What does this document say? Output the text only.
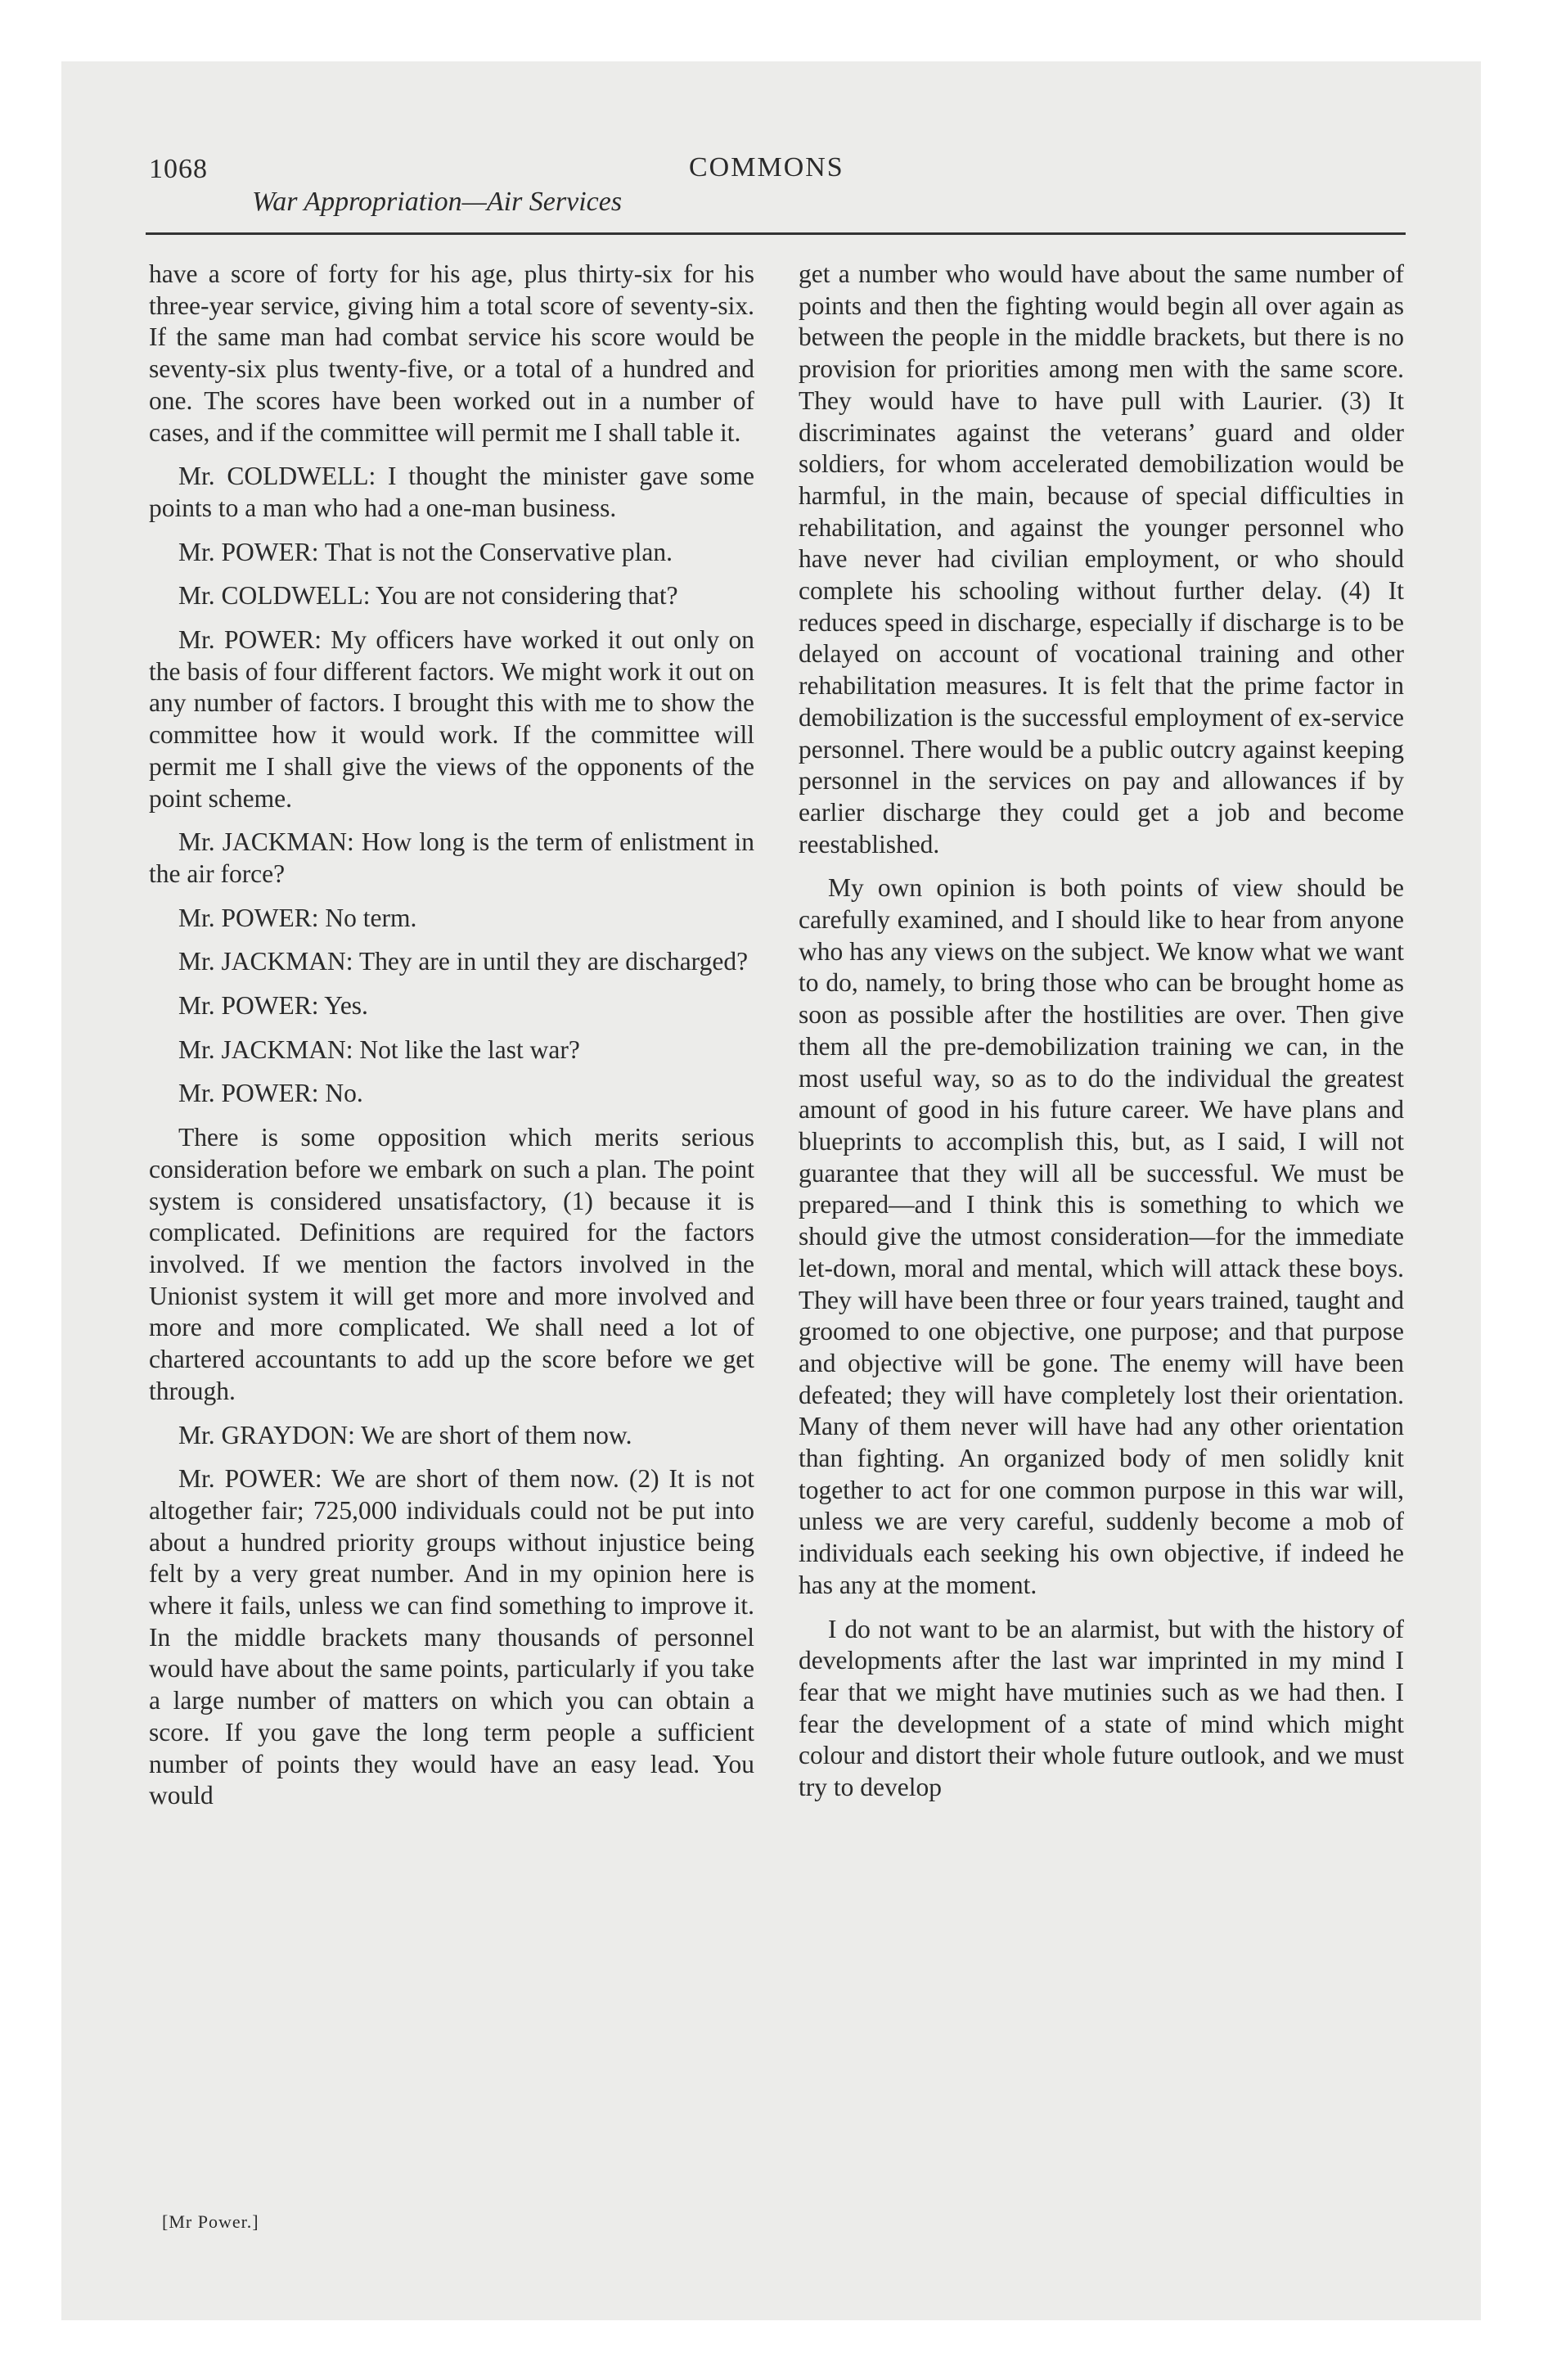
1068	COMMONS
War Appropriation—Air Services

have a score of forty for his age, plus thirty-six for his three-year service, giving him a total score of seventy-six. If the same man had combat service his score would be seventy-six plus twenty-five, or a total of a hundred and one. The scores have been worked out in a number of cases, and if the committee will permit me I shall table it.

Mr. COLDWELL: I thought the minister gave some points to a man who had a one-man business.

Mr. POWER: That is not the Conservative plan.

Mr. COLDWELL: You are not considering that?

Mr. POWER: My officers have worked it out only on the basis of four different factors. We might work it out on any number of factors. I brought this with me to show the committee how it would work. If the committee will permit me I shall give the views of the opponents of the point scheme.

Mr. JACKMAN: How long is the term of enlistment in the air force?

Mr. POWER: No term.

Mr. JACKMAN: They are in until they are discharged?

Mr. POWER: Yes.

Mr. JACKMAN: Not like the last war?

Mr. POWER: No.

There is some opposition which merits serious consideration before we embark on such a plan. The point system is considered unsatisfactory, (1) because it is complicated. Definitions are required for the factors involved. If we mention the factors involved in the Unionist system it will get more and more involved and more and more complicated. We shall need a lot of chartered accountants to add up the score before we get through.

Mr. GRAYDON: We are short of them now.

Mr. POWER: We are short of them now. (2) It is not altogether fair; 725,000 individuals could not be put into about a hundred priority groups without injustice being felt by a very great number. And in my opinion here is where it fails, unless we can find something to improve it. In the middle brackets many thousands of personnel would have about the same points, particularly if you take a large number of matters on which you can obtain a score. If you gave the long term people a sufficient number of points they would have an easy lead. You would

get a number who would have about the same number of points and then the fighting would begin all over again as between the people in the middle brackets, but there is no provision for priorities among men with the same score. They would have to have pull with Laurier. (3) It discriminates against the veterans’ guard and older soldiers, for whom accelerated demobilization would be harmful, in the main, because of special difficulties in rehabilitation, and against the younger personnel who have never had civilian employment, or who should complete his schooling without further delay. (4) It reduces speed in discharge, especially if discharge is to be delayed on account of vocational training and other rehabilitation measures. It is felt that the prime factor in demobilization is the successful employment of ex-service personnel. There would be a public outcry against keeping personnel in the services on pay and allowances if by earlier discharge they could get a job and become reestablished.

My own opinion is both points of view should be carefully examined, and I should like to hear from anyone who has any views on the subject. We know what we want to do, namely, to bring those who can be brought home as soon as possible after the hostilities are over. Then give them all the pre-demobilization training we can, in the most useful way, so as to do the individual the greatest amount of good in his future career. We have plans and blueprints to accomplish this, but, as I said, I will not guarantee that they will all be successful. We must be prepared—and I think this is something to which we should give the utmost consideration—for the immediate let-down, moral and mental, which will attack these boys. They will have been three or four years trained, taught and groomed to one objective, one purpose; and that purpose and objective will be gone. The enemy will have been defeated; they will have completely lost their orientation. Many of them never will have had any other orientation than fighting. An organized body of men solidly knit together to act for one common purpose in this war will, unless we are very careful, suddenly become a mob of individuals each seeking his own objective, if indeed he has any at the moment.

I do not want to be an alarmist, but with the history of developments after the last war imprinted in my mind I fear that we might have mutinies such as we had then. I fear the development of a state of mind which might colour and distort their whole future outlook, and we must try to develop

[Mr Power.]
